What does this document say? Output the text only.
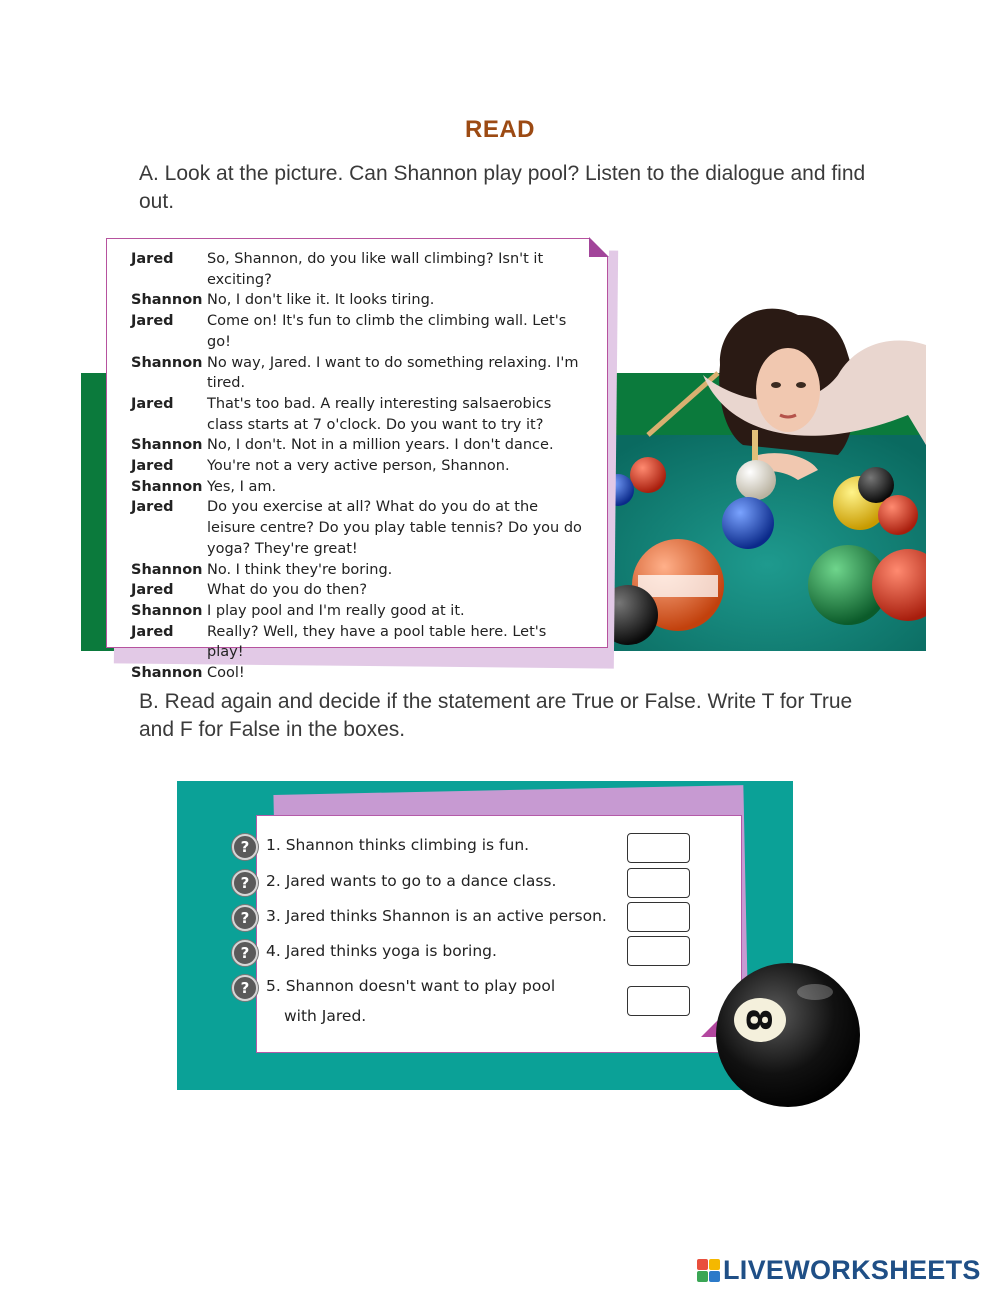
READ
A. Look at the picture. Can Shannon play pool? Listen to the dialogue and find out.
Jared	So, Shannon, do you like wall climbing? Isn't it exciting?
Shannon No, I don't like it. It looks tiring.
Jared	Come on! It's fun to climb the climbing wall. Let's go!
Shannon No way, Jared. I want to do something relaxing. I'm tired.
Jared	That's too bad. A really interesting salsaerobics class starts at 7 o'clock. Do you want to try it?
Shannon No, I don't. Not in a million years. I don't dance.
Jared	You're not a very active person, Shannon.
Shannon Yes, I am.
Jared	Do you exercise at all? What do you do at the leisure centre? Do you play table tennis? Do you do yoga? They're great!
Shannon No. I think they're boring.
Jared	What do you do then?
Shannon I play pool and I'm really good at it.
Jared	Really? Well, they have a pool table here. Let's play!
Shannon Cool!
B. Read again and decide if the statement are True or False. Write T for True and F for False in the boxes.
?	1. Shannon thinks climbing is fun.
?	2. Jared wants to go to a dance class.
?	3. Jared thinks Shannon is an active person.
?	4. Jared thinks yoga is boring.
?	5. Shannon doesn't want to play pool
with Jared.	8
LIVEWORKSHEETS
